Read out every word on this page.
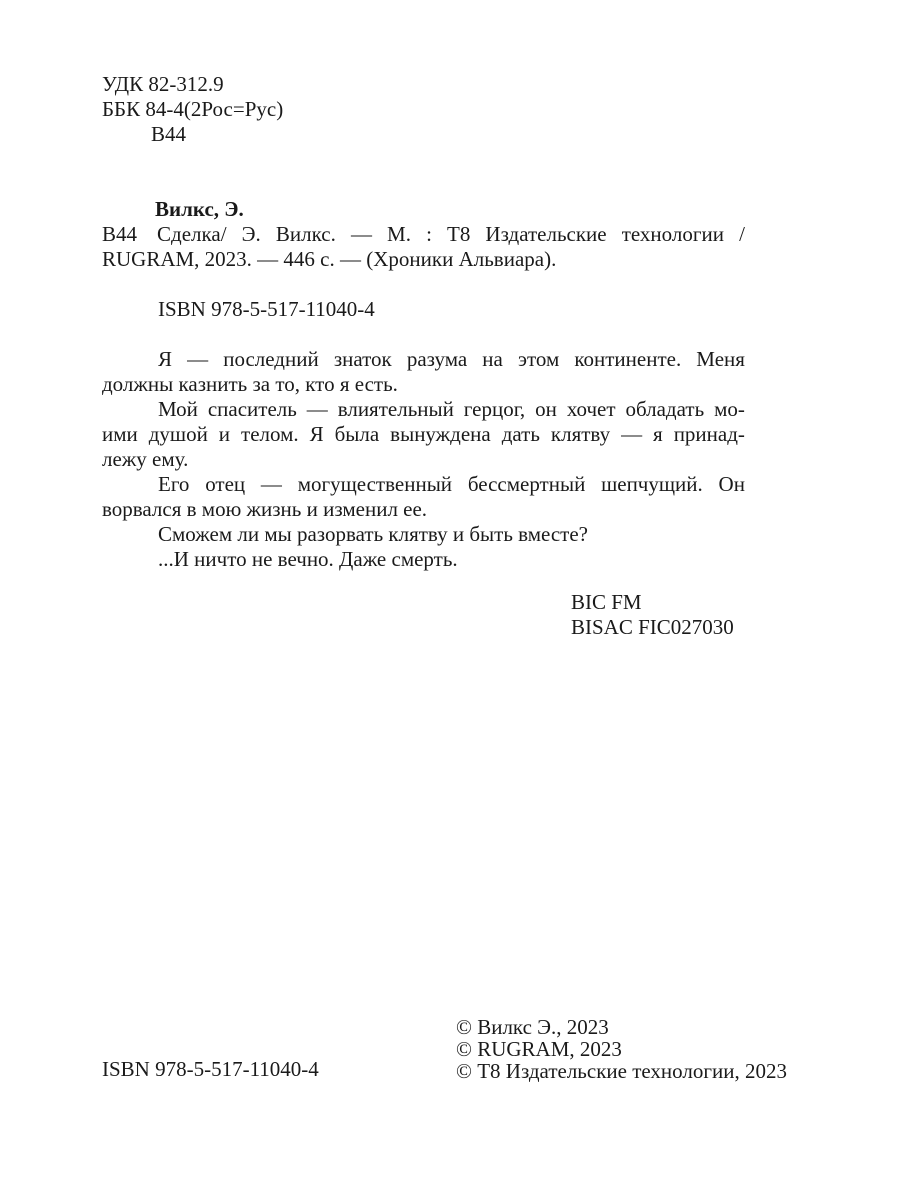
УДК 82-312.9
ББК 84-4(2Рос=Рус)
В44
Вилкс, Э.
В44 Сделка/ Э. Вилкс. — М. : Т8 Издательские технологии /
RUGRAM, 2023. — 446 с. — (Хроники Альвиара).
ISBN 978-5-517-11040-4
Я — последний знаток разума на этом континенте. Меня
должны казнить за то, кто я есть.
Мой спаситель — влиятельный герцог, он хочет обладать мо-
ими душой и телом. Я была вынуждена дать клятву — я принад-
лежу ему.
Его отец — могущественный бессмертный шепчущий. Он
ворвался в мою жизнь и изменил ее.
Сможем ли мы разорвать клятву и быть вместе?
...И ничто не вечно. Даже смерть.
BIC FM
BISAC FIC027030
ISBN 978-5-517-11040-4
© Вилкс Э., 2023
© RUGRAM, 2023
© Т8 Издательские технологии, 2023
